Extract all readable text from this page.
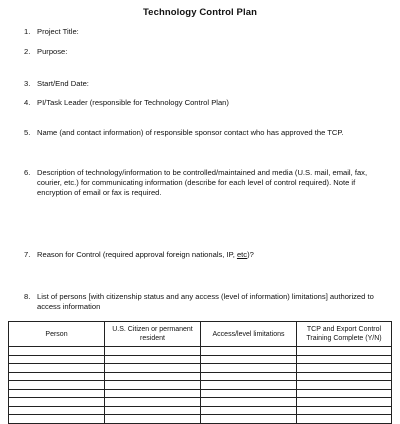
Technology Control Plan
1. Project Title:
2. Purpose:
3. Start/End Date:
4. PI/Task Leader (responsible for Technology Control Plan)
5. Name (and contact information) of responsible sponsor contact who has approved the TCP.
6. Description of technology/information to be controlled/maintained and media (U.S. mail, email, fax, courier, etc.) for communicating information (describe for each level of control required). Note if encryption of email or fax is required.
7. Reason for Control (required approval foreign nationals, IP, etc)?
8. List of persons [with citizenship status and any access (level of information) limitations] authorized to access information
Person	U.S. Citizen or permanent resident	Access/level limitations	TCP and Export Control Training Complete (Y/N)
